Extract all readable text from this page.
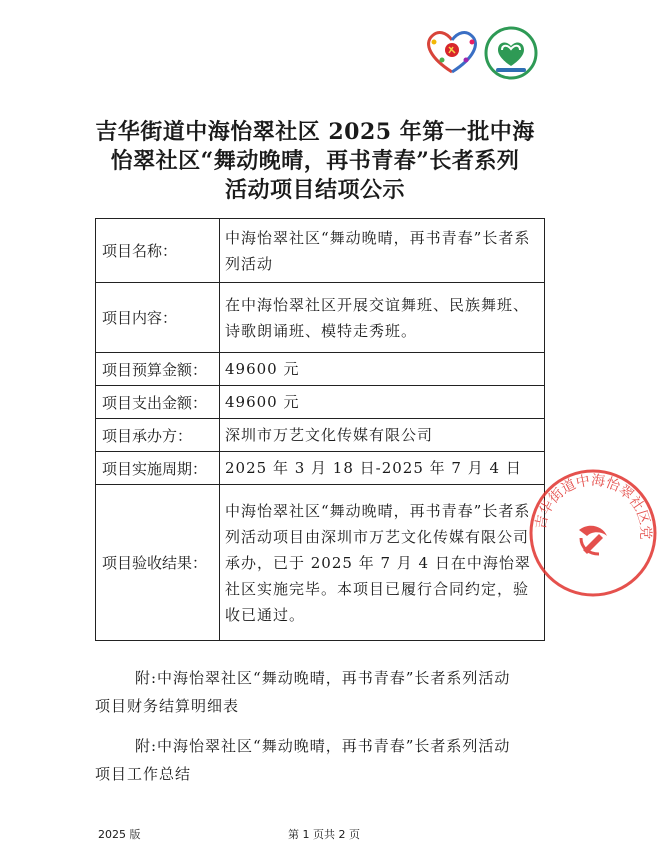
吉华街道中海怡翠社区 2025 年第一批中海
怡翠社区“舞动晚晴，再书青春”长者系列
活动项目结项公示
项目名称：	中海怡翠社区“舞动晚晴，再书青春”长者系列活动
项目内容：	在中海怡翠社区开展交谊舞班、民族舞班、诗歌朗诵班、模特走秀班。
项目预算金额：	49600 元
项目支出金额：	49600 元
项目承办方：	深圳市万艺文化传媒有限公司
项目实施周期：	2025 年 3 月 18 日-2025 年 7 月 4 日
项目验收结果：	中海怡翠社区“舞动晚晴，再书青春”长者系列活动项目由深圳市万艺文化传媒有限公司承办，已于 2025 年 7 月 4 日在中海怡翠社区实施完毕。本项目已履行合同约定，验收已通过。
附:中海怡翠社区“舞动晚晴，再书青春”长者系列活动
项目财务结算明细表
附:中海怡翠社区“舞动晚晴，再书青春”长者系列活动
项目工作总结
吉华街道中海怡翠社区党
2025 版	第 1 页共 2 页
